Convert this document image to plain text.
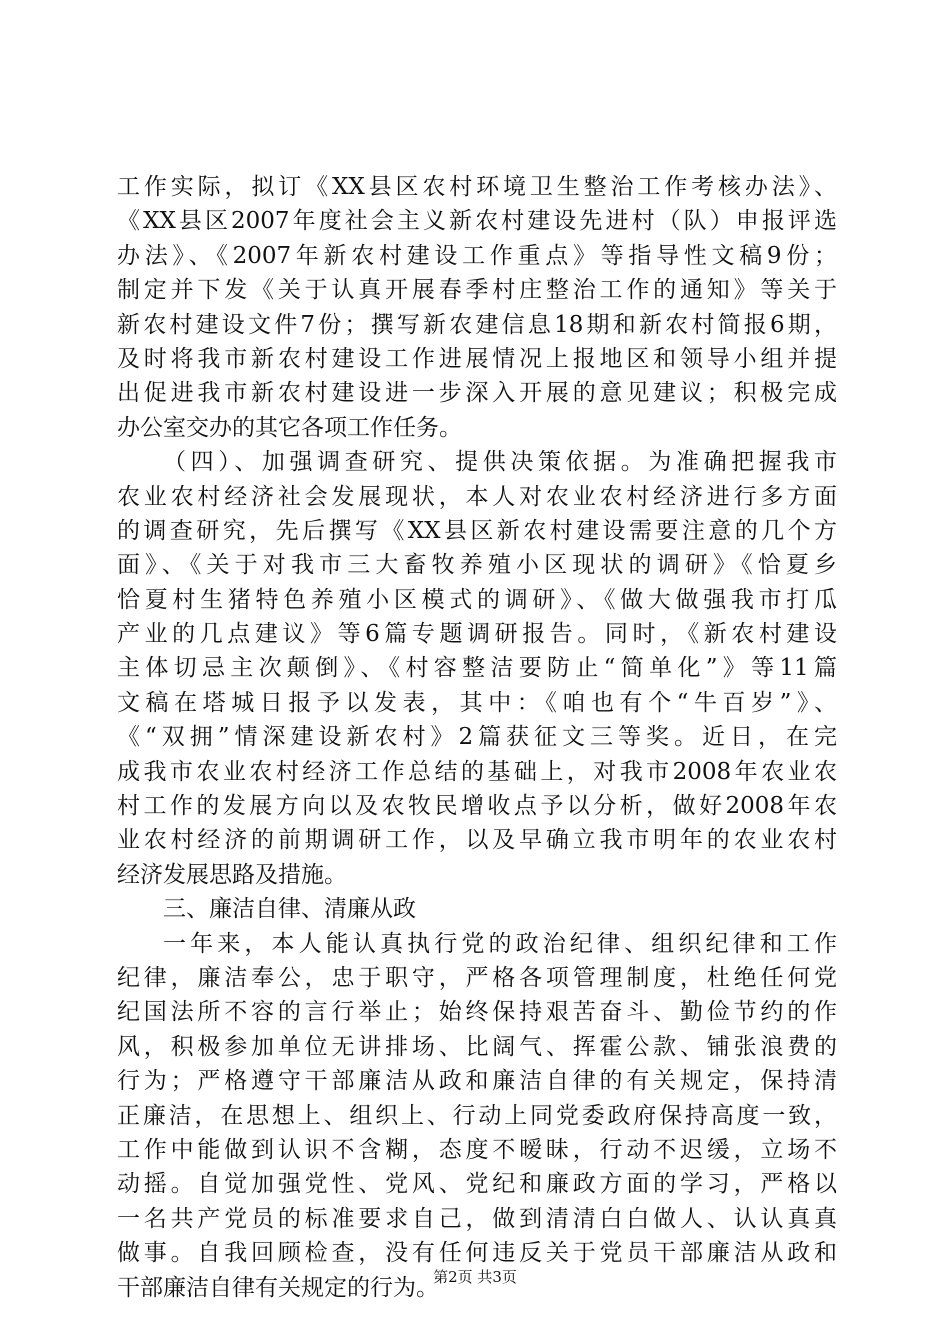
工作实际，拟订《XX县区农村环境卫生整治工作考核办法》、
《XX县区2007年度社会主义新农村建设先进村（队）申报评选
办法》、《2007年新农村建设工作重点》等指导性文稿9份；
制定并下发《关于认真开展春季村庄整治工作的通知》等关于
新农村建设文件7份；撰写新农建信息18期和新农村简报6期，
及时将我市新农村建设工作进展情况上报地区和领导小组并提
出促进我市新农村建设进一步深入开展的意见建议；积极完成
办公室交办的其它各项工作任务。
（四）、加强调查研究、提供决策依据。为准确把握我市
农业农村经济社会发展现状，本人对农业农村经济进行多方面
的调查研究，先后撰写《XX县区新农村建设需要注意的几个方
面》、《关于对我市三大畜牧养殖小区现状的调研》《恰夏乡
恰夏村生猪特色养殖小区模式的调研》、《做大做强我市打瓜
产业的几点建议》等6篇专题调研报告。同时，《新农村建设
主体切忌主次颠倒》、《村容整洁要防止“简单化”》等11篇
文稿在塔城日报予以发表，其中：《咱也有个“牛百岁”》、
《“双拥”情深建设新农村》2篇获征文三等奖。近日，在完
成我市农业农村经济工作总结的基础上，对我市2008年农业农
村工作的发展方向以及农牧民增收点予以分析，做好2008年农
业农村经济的前期调研工作，以及早确立我市明年的农业农村
经济发展思路及措施。
三、廉洁自律、清廉从政
一年来，本人能认真执行党的政治纪律、组织纪律和工作
纪律，廉洁奉公，忠于职守，严格各项管理制度，杜绝任何党
纪国法所不容的言行举止；始终保持艰苦奋斗、勤俭节约的作
风，积极参加单位无讲排场、比阔气、挥霍公款、铺张浪费的
行为；严格遵守干部廉洁从政和廉洁自律的有关规定，保持清
正廉洁，在思想上、组织上、行动上同党委政府保持高度一致，
工作中能做到认识不含糊，态度不暧昧，行动不迟缓，立场不
动摇。自觉加强党性、党风、党纪和廉政方面的学习，严格以
一名共产党员的标准要求自己，做到清清白白做人、认认真真
做事。自我回顾检查，没有任何违反关于党员干部廉洁从政和
干部廉洁自律有关规定的行为。
第2页 共3页
